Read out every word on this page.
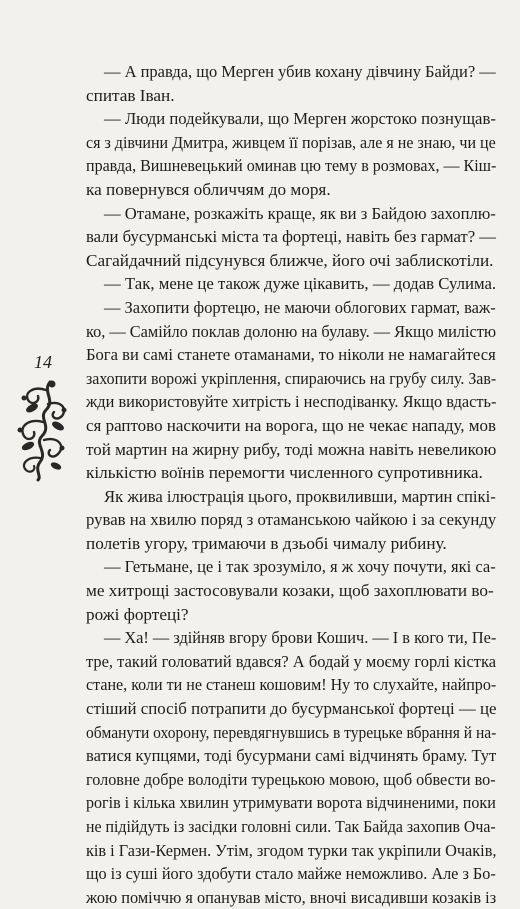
— А правда, що Мерген убив кохану дівчину Байди? —
спитав Іван.
— Люди подейкували, що Мерген жорстоко познущав-
ся з дівчини Дмитра, живцем її порізав, але я не знаю, чи це
правда, Вишневецький оминав цю тему в розмовах, — Кіш-
ка повернувся обличчям до моря.
— Отамане, розкажіть краще, як ви з Байдою захоплю-
вали бусурманські міста та фортеці, навіть без гармат? —
Сагайдачний підсунувся ближче, його очі заблискотіли.
— Так, мене це також дуже цікавить, — додав Сулима.
— Захопити фортецю, не маючи облогових гармат, важ-
ко, — Самійло поклав долоню на булаву. — Якщо милістю
Бога ви самі станете отаманами, то ніколи не намагайтеся
захопити ворожі укріплення, спираючись на грубу силу. Зав-
жди використовуйте хитрість і несподіванку. Якщо вдасть-
ся раптово наскочити на ворога, що не чекає нападу, мов
той мартин на жирну рибу, тоді можна навіть невеликою
кількістю воїнів перемогти численного супротивника.
Як жива ілюстрація цього, проквиливши, мартин спікі-
рував на хвилю поряд з отаманською чайкою і за секунду
полетів угору, тримаючи в дзьобі чималу рибину.
— Гетьмане, це і так зрозуміло, я ж хочу почути, які са-
ме хитрощі застосовували козаки, щоб захоплювати во-
рожі фортеці?
— Ха! — здійняв вгору брови Кошич. — І в кого ти, Пе-
тре, такий головатий вдався? А бодай у моєму горлі кістка
стане, коли ти не станеш кошовим! Ну то слухайте, найпро-
стіший спосіб потрапити до бусурманської фортеці — це
обманути охорону, перевдягнувшись в турецьке вбрання й на-
ватися купцями, тоді бусурмани самі відчинять браму. Тут
головне добре володіти турецькою мовою, щоб обвести во-
рогів і кілька хвилин утримувати ворота відчиненими, поки
не підійдуть із засідки головні сили. Так Байда захопив Оча-
ків і Гази-Кермен. Утім, згодом турки так укріпили Очаків,
що із суші його здобути стало майже неможливо. Але з Бо-
жою поміччю я опанував місто, вночі висадивши козаків із
14
